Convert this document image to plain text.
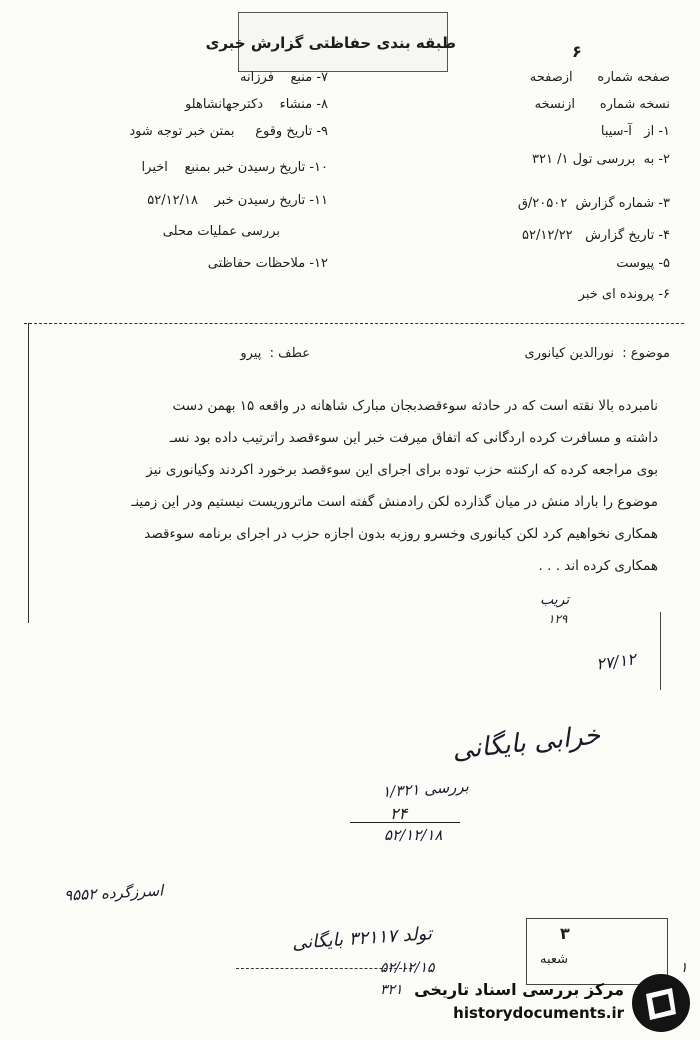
۶
طبقه بندی حفاظتی گزارش خبری
صفحه شماره      ازصفحه
نسخه شماره      ازنسخه
۱- از   آ-سیبا
۲- به  بررسی تول ۱/ ۳۲۱
۳- شماره گزارش  ۲۰۵۰۲/ق
۴- تاریخ گزارش   ۵۲/۱۲/۲۲
۵- پیوست
۶- پرونده ای خبر
۷- منبع    فرزانه
۸- منشاء    دکترجهانشاهلو
۹- تاریخ وقوع     بمتن خبر توجه شود
۱۰- تاریخ رسیدن خبر بمنبع    اخیرا
۱۱- تاریخ رسیدن خبر    ۵۲/۱۲/۱۸
بررسی عملیات محلی
۱۲- ملاحظات حفاظتی
موضوع :  نورالدین کیانوری
عطف :  پیرو
نامبرده بالا نقته است که در حادثه سوءقصدبجان مبارک شاهانه در واقعه ۱۵ بهمن دست
داشته و مسافرت کرده اردگانی که اتفاق میرفت خبر این سوءقصد راترتیب داده بود نسـ
بوی مراجعه کرده که ارکنته حزب توده برای اجرای این سوءقصد برخورد اکردند وکیانوری نیز
موضوع را باراد منش در میان گذارده لکن رادمنش گفته است ماتروریست نیستیم ودر این زمینـ
همکاری نخواهیم کرد لکن کیانوری وخسرو روزبه بدون اجازه حزب در اجرای برنامه سوءقصد
همکاری کرده اند . . .
تریب
۱۲۹
۲۷/۱۲
خرابی بایگانی
بررسی ۱/۳۲۱
۲۴
۵۲/۱۲/۱۸
اسرزگرده ۹۵۵۲
تولد ۳۲۱۱۷ بایگانی
۵۲/۱۲/۱۵
۳۲۱
۳
شعبه
۱
مرکز بررسی اسناد تاریخی
historydocuments.ir
